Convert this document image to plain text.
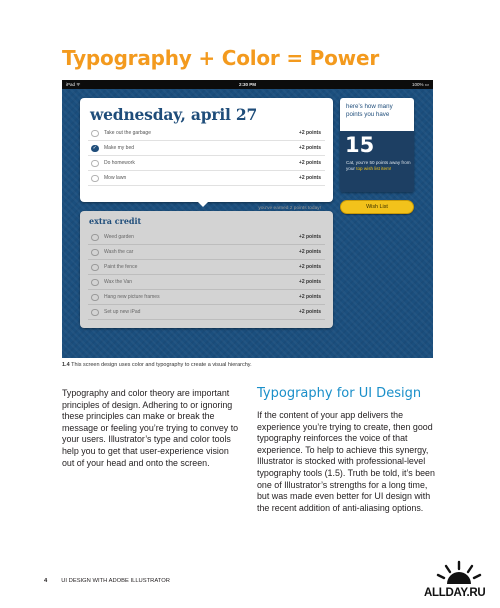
Typography + Color = Power
iPad ᯤ	2:30 PM	100% ▭
wednesday, april 27
Take out the garbage	+2 points
✓	Make my bed	+2 points
Do homework	+2 points
Mow lawn	+2 points
you’ve earned 2 points today!
extra credit
Weed garden	+2 points
Wash the car	+2 points
Paint the fence	+2 points
Wax the Van	+2 points
Hang new picture frames	+2 points
Set up new iPad	+2 points
here’s how many points you have
15
Cat, you’re 50 points away from your top wish list item!
Wish List
1.4 This screen design uses color and typography to create a visual hierarchy.
Typography and color theory are important principles of design. Adhering to or ignoring these principles can make or break the message or feeling you’re trying to convey to your users. Illustrator’s type and color tools help you to get that user-experience vision out of your head and onto the screen.
Typography for UI Design
If the content of your app delivers the experience you’re trying to create, then good typography reinforces the voice of that experience. To help to achieve this synergy, Illustrator is stocked with professional-level typography tools (1.5). Truth be told, it’s been one of Illustrator’s strengths for a long time, but was made even better for UI design with the recent addition of anti-aliasing options.
4 UI DESIGN WITH ADOBE ILLUSTRATOR
ALLDAY.RU
